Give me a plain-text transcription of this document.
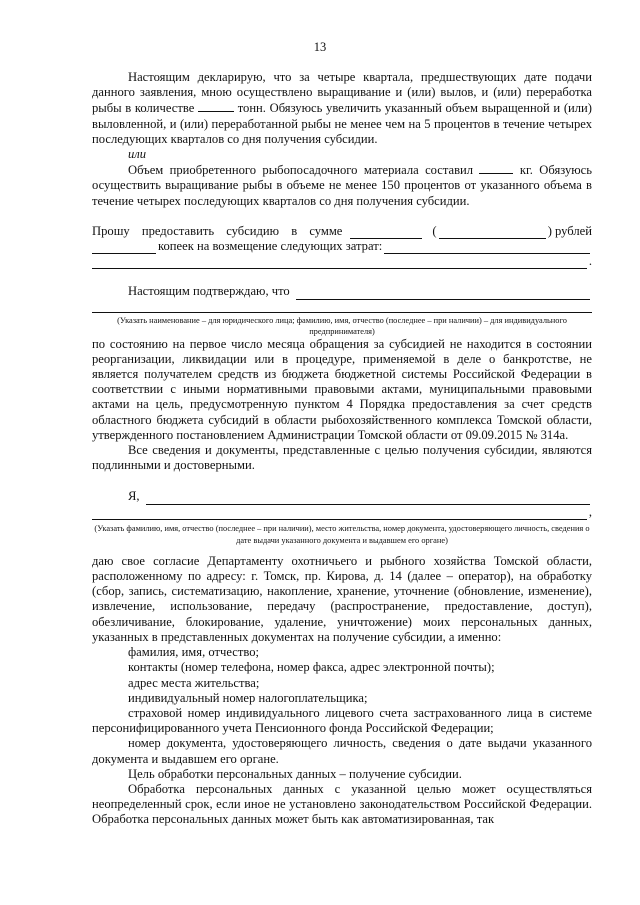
13

Настоящим декларирую, что за четыре квартала, предшествующих дате подачи данного заявления, мною осуществлено выращивание и (или) вылов, и (или) переработка рыбы в количестве	тонн. Обязуюсь увеличить указанный объем выращенной и (или) выловленной, и (или) переработанной рыбы не менее чем на 5 процентов в течение четырех последующих кварталов со дня получения субсидии.

или

Объем приобретенного рыбопосадочного материала составил	кг. Обязуюсь осуществить выращивание рыбы в объеме не менее 150 процентов от указанного объема в течение четырех последующих кварталов со дня получения субсидии.

Прошу предоставить субсидию в сумме	(	) рублей
копеек на возмещение следующих затрат:
.
Настоящим подтверждаю, что
(Указать наименование – для юридического лица; фамилию, имя, отчество (последнее – при наличии) – для индивидуального предпринимателя)

по состоянию на первое число месяца обращения за субсидией не находится в состоянии реорганизации, ликвидации или в процедуре, применяемой в деле о банкротстве, не является получателем средств из бюджета бюджетной системы Российской Федерации в соответствии с иными нормативными правовыми актами, муниципальными правовыми актами на цель, предусмотренную пунктом 4 Порядка предоставления за счет средств областного бюджета субсидий в области рыбохозяйственного комплекса Томской области, утвержденного постановлением Администрации Томской области от 09.09.2015 № 314а.

Все сведения и документы, представленные с целью получения субсидии, являются подлинными и достоверными.

Я,
,
(Указать фамилию, имя, отчество (последнее – при наличии), место жительства, номер документа, удостоверяющего личность, сведения о дате выдачи указанного документа и выдавшем его органе)

даю свое согласие Департаменту охотничьего и рыбного хозяйства Томской области, расположенному по адресу: г. Томск, пр. Кирова, д. 14 (далее – оператор), на обработку (сбор, запись, систематизацию, накопление, хранение, уточнение (обновление, изменение), извлечение, использование, передачу (распространение, предоставление, доступ), обезличивание, блокирование, удаление, уничтожение) моих персональных данных, указанных в представленных документах на получение субсидии, а именно:

фамилия, имя, отчество;

контакты (номер телефона, номер факса, адрес электронной почты);

адрес места жительства;

индивидуальный номер налогоплательщика;

страховой номер индивидуального лицевого счета застрахованного лица в системе персонифицированного учета Пенсионного фонда Российской Федерации;

номер документа, удостоверяющего личность, сведения о дате выдачи указанного документа и выдавшем его органе.

Цель обработки персональных данных – получение субсидии.

Обработка персональных данных с указанной целью может осуществляться неопределенный срок, если иное не установлено законодательством Российской Федерации. Обработка персональных данных может быть как автоматизированная, так
